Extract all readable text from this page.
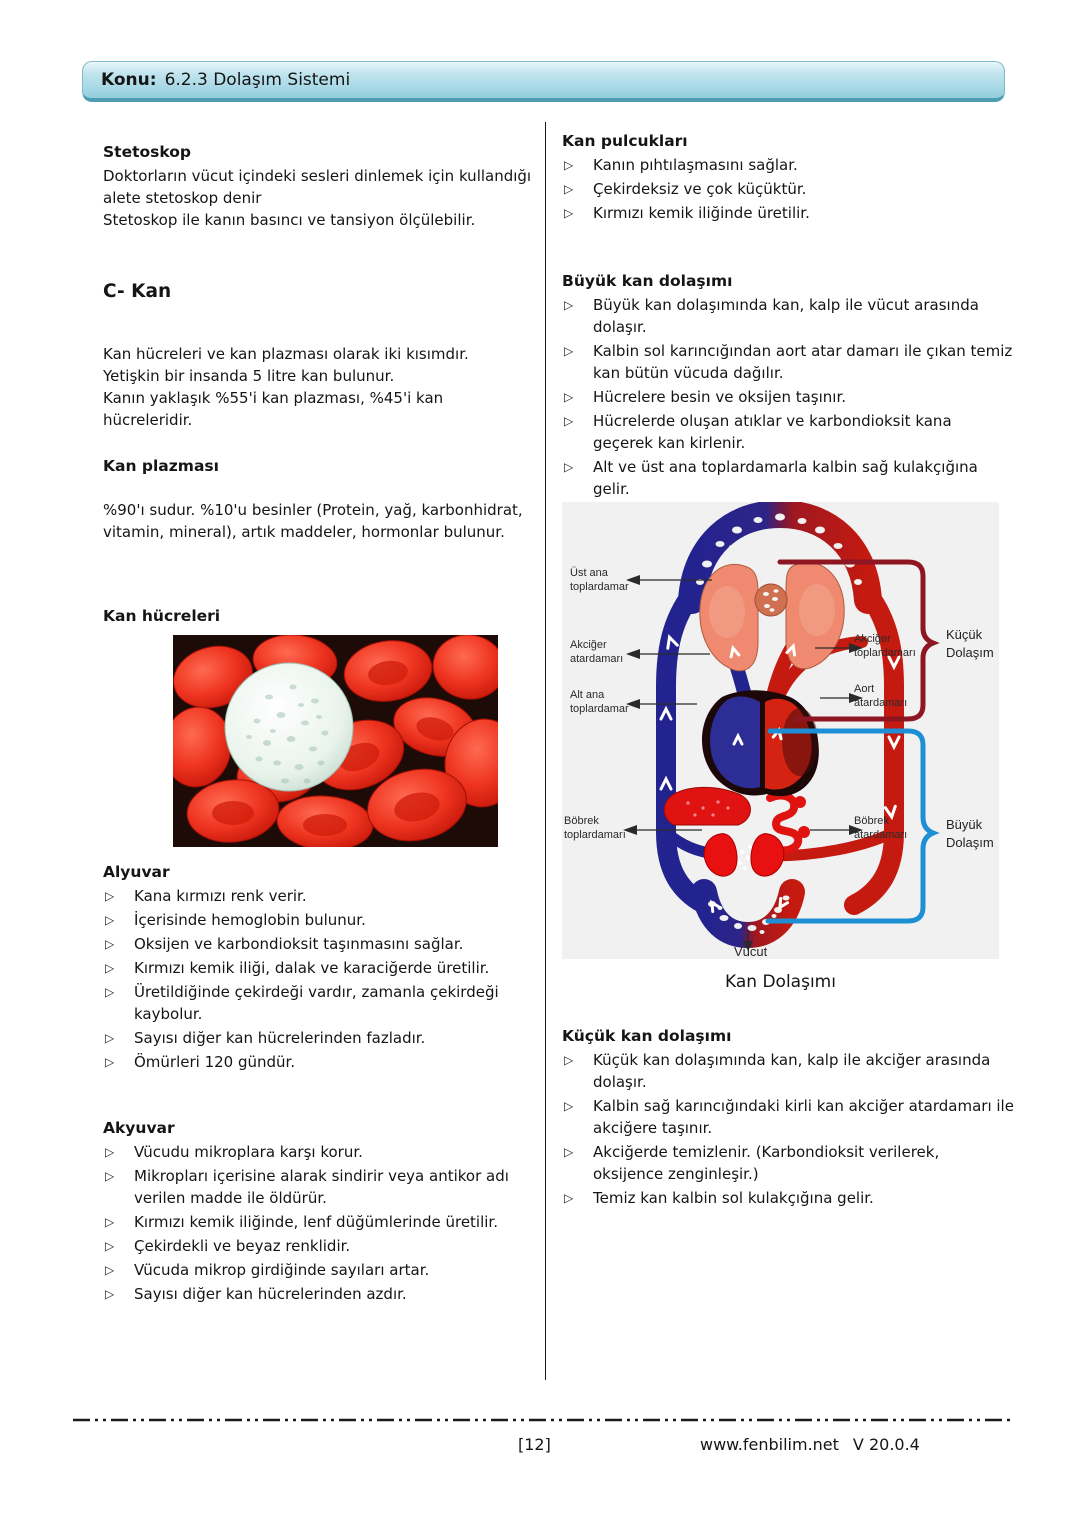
Konu: 6.2.3 Dolaşım Sistemi
Stetoskop

Doktorların vücut içindeki sesleri dinlemek için kullandığı
alete stetoskop denir
Stetoskop ile kanın basıncı ve tansiyon ölçülebilir.

C- Kan

Kan hücreleri ve kan plazması olarak iki kısımdır.
Yetişkin bir insanda 5 litre kan bulunur.
Kanın yaklaşık %55'i kan plazması, %45'i kan
hücreleridir.

Kan plazması

%90'ı sudur. %10'u besinler (Protein, yağ, karbonhidrat,
vitamin, mineral), artık maddeler, hormonlar bulunur.

Kan hücreleri
Alyuvar
▷ Kana kırmızı renk verir.
▷ İçerisinde hemoglobin bulunur.
▷ Oksijen ve karbondioksit taşınmasını sağlar.
▷ Kırmızı kemik iliği, dalak ve karaciğerde üretilir.
▷ Üretildiğinde çekirdeği vardır, zamanla çekirdeği kaybolur.
▷ Sayısı diğer kan hücrelerinden fazladır.
▷ Ömürleri 120 gündür.
Akyuvar
▷ Vücudu mikroplara karşı korur.
▷ Mikropları içerisine alarak sindirir veya antikor adı verilen madde ile öldürür.
▷ Kırmızı kemik iliğinde, lenf düğümlerinde üretilir.
▷ Çekirdekli ve beyaz renklidir.
▷ Vücuda mikrop girdiğinde sayıları artar.
▷ Sayısı diğer kan hücrelerinden azdır.
Kan pulcukları
▷ Kanın pıhtılaşmasını sağlar.
▷ Çekirdeksiz ve çok küçüktür.
▷ Kırmızı kemik iliğinde üretilir.
Büyük kan dolaşımı
▷ Büyük kan dolaşımında kan, kalp ile vücut arasında dolaşır.
▷ Kalbin sol karıncığından aort atar damarı ile çıkan temiz kan bütün vücuda dağılır.
▷ Hücrelere besin ve oksijen taşınır.
▷ Hücrelerde oluşan atıklar ve karbondioksit kana geçerek kan kirlenir.
▷ Alt ve üst ana toplardamarla kalbin sağ kulakçığına gelir.
Üst ana
toplardamar
Akciğer
atardamarı
Alt ana
toplardamar
Akciğer
toplardamarı
Aort
atardamarı
Böbrek
toplardamarı
Böbrek
atardamarı
Vücut
Küçük
Dolaşım
Büyük
Dolaşım
Kan Dolaşımı
Küçük kan dolaşımı
▷ Küçük kan dolaşımında kan, kalp ile akciğer arasında dolaşır.
▷ Kalbin sağ karıncığındaki kirli kan akciğer atardamarı ile akciğere taşınır.
▷ Akciğerde temizlenir. (Karbondioksit verilerek, oksijence zenginleşir.)
▷ Temiz kan kalbin sol kulakçığına gelir.
[12]	www.fenbilim.net V 20.0.4
